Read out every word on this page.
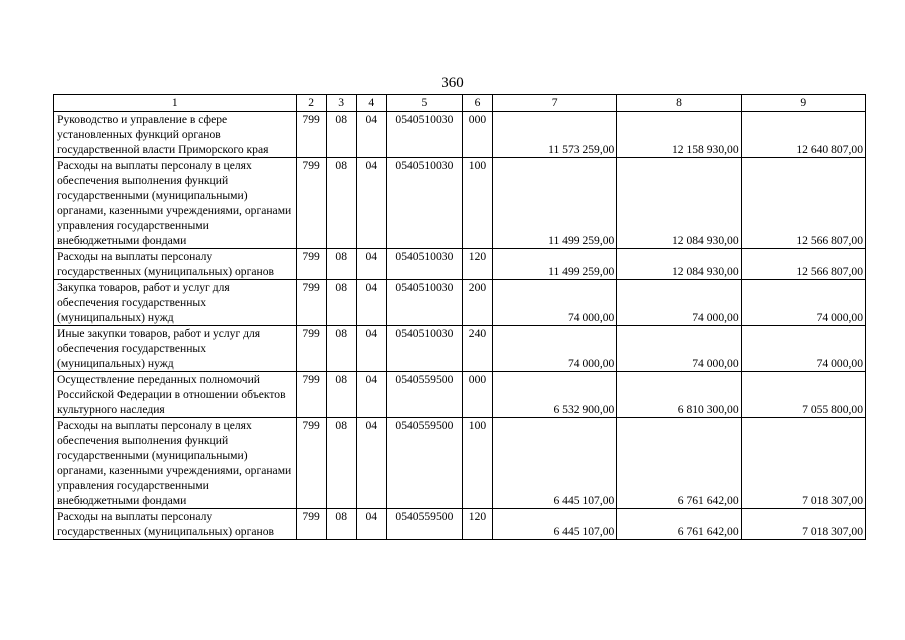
360
1	2	3	4	5	6	7	8	9
Руководство и управление в сфере установленных функций органов государственной власти Приморского края	799	08	04	0540510030	000	11 573 259,00	12 158 930,00	12 640 807,00
Расходы на выплаты персоналу в целях обеспечения выполнения функций государственными (муниципальными) органами, казенными учреждениями, органами управления государственными внебюджетными фондами	799	08	04	0540510030	100	11 499 259,00	12 084 930,00	12 566 807,00
Расходы на выплаты персоналу государственных (муниципальных) органов	799	08	04	0540510030	120	11 499 259,00	12 084 930,00	12 566 807,00
Закупка товаров, работ и услуг для обеспечения государственных (муниципальных) нужд	799	08	04	0540510030	200	74 000,00	74 000,00	74 000,00
Иные закупки товаров, работ и услуг для обеспечения государственных (муниципальных) нужд	799	08	04	0540510030	240	74 000,00	74 000,00	74 000,00
Осуществление переданных полномочий Российской Федерации в отношении объектов культурного наследия	799	08	04	0540559500	000	6 532 900,00	6 810 300,00	7 055 800,00
Расходы на выплаты персоналу в целях обеспечения выполнения функций государственными (муниципальными) органами, казенными учреждениями, органами управления государственными внебюджетными фондами	799	08	04	0540559500	100	6 445 107,00	6 761 642,00	7 018 307,00
Расходы на выплаты персоналу государственных (муниципальных) органов	799	08	04	0540559500	120	6 445 107,00	6 761 642,00	7 018 307,00
